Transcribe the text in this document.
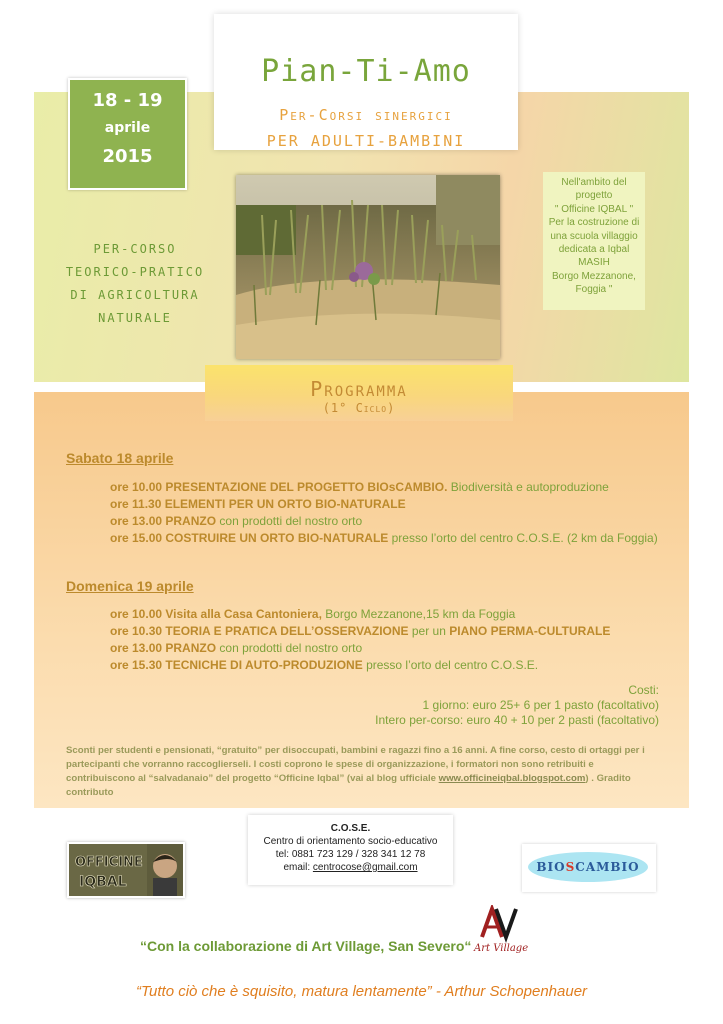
Pian-Ti-Amo
Per-Corsi sinergici
PER ADULTI-BAMBINI
18 - 19
aprile
2015
PER-CORSO
TEORICO-PRATICO
DI AGRICOLTURA
NATURALE
Nell'ambito del
progetto
" Officine IQBAL "
Per la costruzione di
una scuola villaggio
dedicata a Iqbal
MASIH
Borgo Mezzanone,
Foggia "
Programma
(1° Ciclo)
Sabato 18 aprile
ore 10.00 PRESENTAZIONE DEL PROGETTO BIOsCAMBIO. Biodiversità e autoproduzione
ore 11.30 ELEMENTI PER UN ORTO BIO-NATURALE
ore 13.00 PRANZO con prodotti del nostro orto
ore 15.00 COSTRUIRE UN ORTO BIO-NATURALE presso l’orto del centro C.O.S.E. (2 km da Foggia)
Domenica 19 aprile
ore 10.00 Visita alla Casa Cantoniera, Borgo Mezzanone,15 km da Foggia
ore 10.30 TEORIA E PRATICA DELL’OSSERVAZIONE per un PIANO PERMA-CULTURALE
ore 13.00 PRANZO con prodotti del nostro orto
ore 15.30 TECNICHE DI AUTO-PRODUZIONE presso l’orto del centro C.O.S.E.
Costi:
1 giorno: euro 25+ 6 per 1 pasto (facoltativo)
Intero per-corso: euro 40 + 10 per 2 pasti (facoltativo)
Sconti per studenti e pensionati, “gratuito” per disoccupati, bambini e ragazzi fino a 16 anni. A fine corso, cesto di ortaggi per i partecipanti che vorranno raccoglierseli. I costi coprono le spese di organizzazione, i formatori non sono retribuiti e contribuiscono al “salvadanaio” del progetto “Officine Iqbal” (vai al blog ufficiale www.officineiqbal.blogspot.com) . Gradito contributo
C.O.S.E.
Centro di orientamento socio-educativo
tel: 0881 723 129 / 328 341 12 78
email: centrocose@gmail.com
OFFICINE
IQBAL
BIOSCAMBIO
“Con la collaborazione di Art Village, San Severo“ Art Village
“Tutto ciò che è squisito, matura lentamente” - Arthur Schopenhauer
